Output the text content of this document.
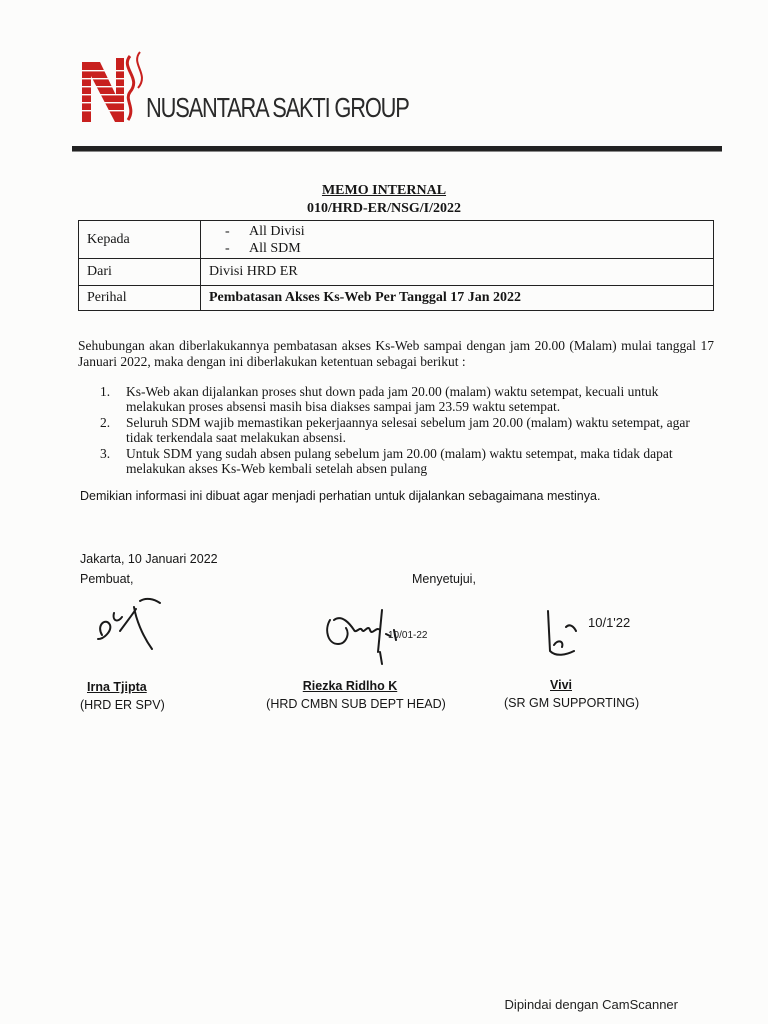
NUSANTARA SAKTI GROUP
MEMO INTERNAL
010/HRD-ER/NSG/I/2022
Kepada	- All Divisi
- All SDM

Dari	Divisi HRD ER
Perihal	Pembatasan Akses Ks-Web Per Tanggal 17 Jan 2022

Sehubungan akan diberlakukannya pembatasan akses Ks-Web sampai dengan jam 20.00 (Malam) mulai tanggal 17 Januari 2022, maka dengan ini diberlakukan ketentuan sebagai berikut :

1. Ks-Web akan dijalankan proses shut down pada jam 20.00 (malam) waktu setempat, kecuali untuk melakukan proses absensi masih bisa diakses sampai jam 23.59 waktu setempat.
2. Seluruh SDM wajib memastikan pekerjaannya selesai sebelum jam 20.00 (malam) waktu setempat, agar tidak terkendala saat melakukan absensi.
3. Untuk SDM yang sudah absen pulang sebelum jam 20.00 (malam) waktu setempat, maka tidak dapat melakukan akses Ks-Web kembali setelah absen pulang
Demikian informasi ini dibuat agar menjadi perhatian untuk dijalankan sebagaimana mestinya.
Jakarta, 10 Januari 2022
Pembuat,	Menyetujui,
10/01-22
10/1'22
Irna Tjipta
(HRD ER SPV)
Riezka Ridlho K
(HRD CMBN SUB DEPT HEAD)
Vivi
(SR GM SUPPORTING)
Dipindai dengan CamScanner
